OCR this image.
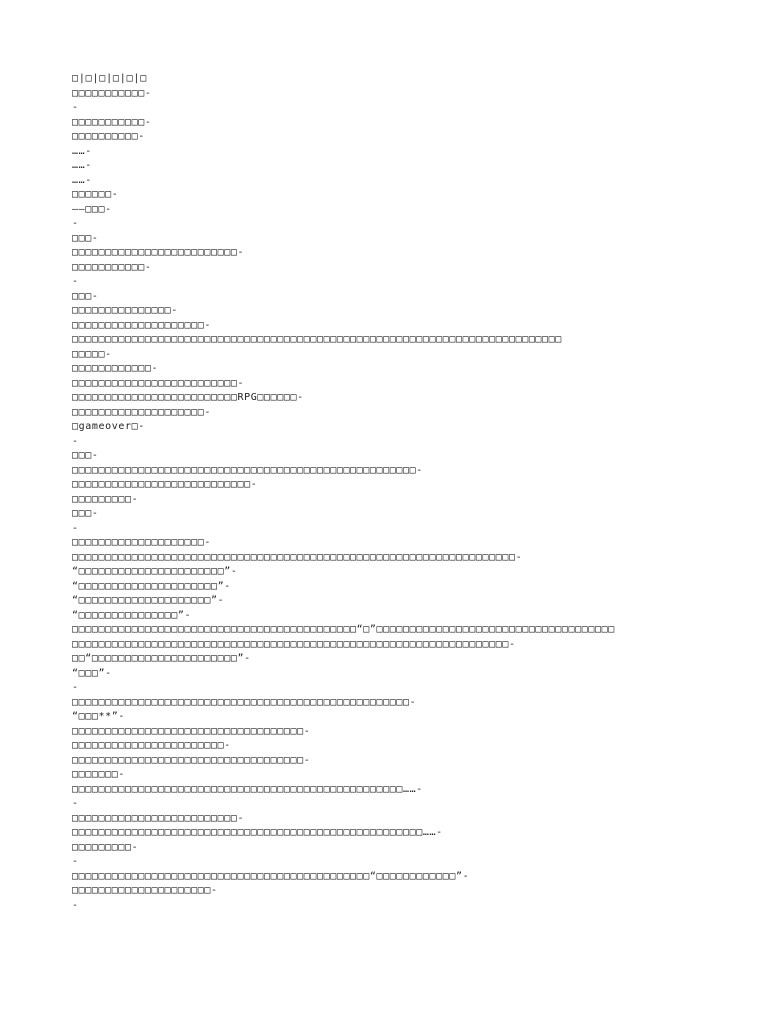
□|□|□|□|□|□
□□□□□□□□□□□-
-
□□□□□□□□□□□-
□□□□□□□□□□-
……-
……-
……-
□□□□□□-
——□□□-
-
□□□-
□□□□□□□□□□□□□□□□□□□□□□□□□-
□□□□□□□□□□□-
-
□□□-
□□□□□□□□□□□□□□□-
□□□□□□□□□□□□□□□□□□□□-
□□□□□□□□□□□□□□□□□□□□□□□□□□□□□□□□□□□□□□□□□□□□□□□□□□□□□□□□□□□□□□□□□□□□□□□□□□
□□□□□-
□□□□□□□□□□□□-
□□□□□□□□□□□□□□□□□□□□□□□□□-
□□□□□□□□□□□□□□□□□□□□□□□□□RPG□□□□□□-
□□□□□□□□□□□□□□□□□□□□-
□gameover□-
-
□□□-
□□□□□□□□□□□□□□□□□□□□□□□□□□□□□□□□□□□□□□□□□□□□□□□□□□□□-
□□□□□□□□□□□□□□□□□□□□□□□□□□□-
□□□□□□□□□-
□□□-
-
□□□□□□□□□□□□□□□□□□□□-
□□□□□□□□□□□□□□□□□□□□□□□□□□□□□□□□□□□□□□□□□□□□□□□□□□□□□□□□□□□□□□□□□□□-
“□□□□□□□□□□□□□□□□□□□□□□”-
“□□□□□□□□□□□□□□□□□□□□□”-
“□□□□□□□□□□□□□□□□□□□□”-
“□□□□□□□□□□□□□□□”-
□□□□□□□□□□□□□□□□□□□□□□□□□□□□□□□□□□□□□□□□□□□“□”□□□□□□□□□□□□□□□□□□□□□□□□□□□□□□□□□□□□
□□□□□□□□□□□□□□□□□□□□□□□□□□□□□□□□□□□□□□□□□□□□□□□□□□□□□□□□□□□□□□□□□□-
□□“□□□□□□□□□□□□□□□□□□□□□□”-
“□□□”-
-
□□□□□□□□□□□□□□□□□□□□□□□□□□□□□□□□□□□□□□□□□□□□□□□□□□□-
“□□□**”-
□□□□□□□□□□□□□□□□□□□□□□□□□□□□□□□□□□□-
□□□□□□□□□□□□□□□□□□□□□□□-
□□□□□□□□□□□□□□□□□□□□□□□□□□□□□□□□□□□-
□□□□□□□-
□□□□□□□□□□□□□□□□□□□□□□□□□□□□□□□□□□□□□□□□□□□□□□□□□□……-
-
□□□□□□□□□□□□□□□□□□□□□□□□□-
□□□□□□□□□□□□□□□□□□□□□□□□□□□□□□□□□□□□□□□□□□□□□□□□□□□□□……-
□□□□□□□□□-
-
□□□□□□□□□□□□□□□□□□□□□□□□□□□□□□□□□□□□□□□□□□□□□“□□□□□□□□□□□□”-
□□□□□□□□□□□□□□□□□□□□□-
-
